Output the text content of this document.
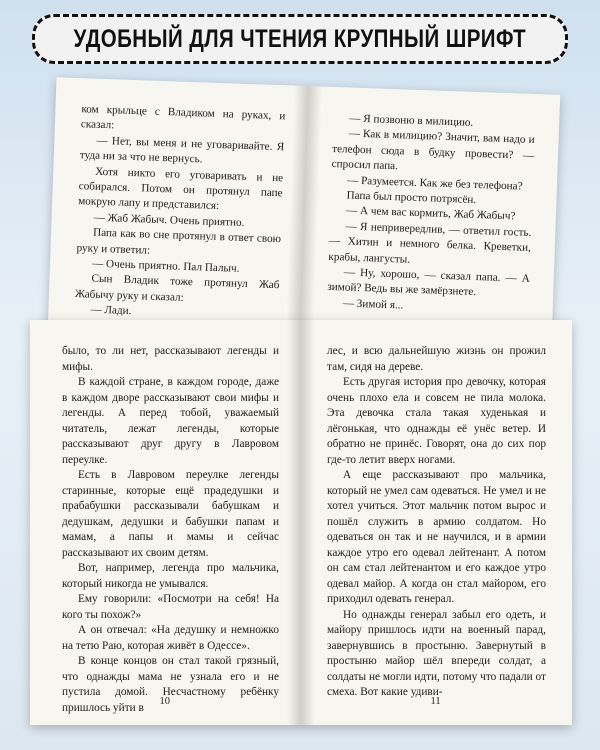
УДОБНЫЙ ДЛЯ ЧТЕНИЯ КРУПНЫЙ ШРИФТ

ком крыльце с Владиком на руках, и сказал:

— Нет, вы меня и не уговаривайте. Я туда ни за что не вернусь.

Хотя никто его уговаривать и не собирался. Потом он протянул папе мокрую лапу и представился:

— Жаб Жабыч. Очень приятно.

Папа как во сне протянул в ответ свою руку и ответил:

— Очень приятно. Пал Палыч.

Сын Владик тоже протянул Жаб Жабычу руку и сказал:

— Лади.

— Я позвоню в милицию.

— Как в милицию? Значит, вам надо и телефон сюда в будку провести? — спросил папа.

— Разумеется. Как же без телефона?

Папа был просто потрясён.

— А чем вас кормить, Жаб Жабыч?

— Я непривередлив, — ответил гость. — Хитин и немного белка. Креветки, крабы, лангусты.

— Ну, хорошо, — сказал папа. — А зимой? Ведь вы же замёрзнете.

— Зимой я...

было, то ли нет, рассказывают легенды и мифы.

В каждой стране, в каждом городе, даже в каждом дворе рассказывают свои мифы и легенды. А перед тобой, уважаемый читатель, лежат легенды, которые рассказывают друг другу в Лавровом переулке.

Есть в Лавровом переулке легенды старинные, которые ещё прадедушки и прабабушки рассказывали бабушкам и дедушкам, дедушки и бабушки папам и мамам, а папы и мамы и сейчас рассказывают их своим детям.

Вот, например, легенда про мальчика, который никогда не умывался.

Ему говорили: «Посмотри на себя! На кого ты похож?»

А он отвечал: «На дедушку и немножко на тетю Раю, которая живёт в Одессе».

В конце концов он стал такой грязный, что однажды мама не узнала его и не пустила домой. Несчастному ребёнку пришлось уйти в

10

лес, и всю дальнейшую жизнь он прожил там, сидя на дереве.

Есть другая история про девочку, которая очень плохо ела и совсем не пила молока. Эта девочка стала такая худенькая и лёгонькая, что однажды её унёс ветер. И обратно не принёс. Говорят, она до сих пор где-то летит вверх ногами.

А еще рассказывают про мальчика, который не умел сам одеваться. Не умел и не хотел учиться. Этот мальчик потом вырос и пошёл служить в армию солдатом. Но одеваться он так и не научился, и в армии каждое утро его одевал лейтенант. А потом он сам стал лейтенантом и его каждое утро одевал майор. А когда он стал майором, его приходил одевать генерал.

Но однажды генерал забыл его одеть, и майору пришлось идти на военный парад, завернувшись в простыню. Завернутый в простыню майор шёл впереди солдат, а солдаты не могли идти, потому что падали от смеха. Вот какие удиви-

11
